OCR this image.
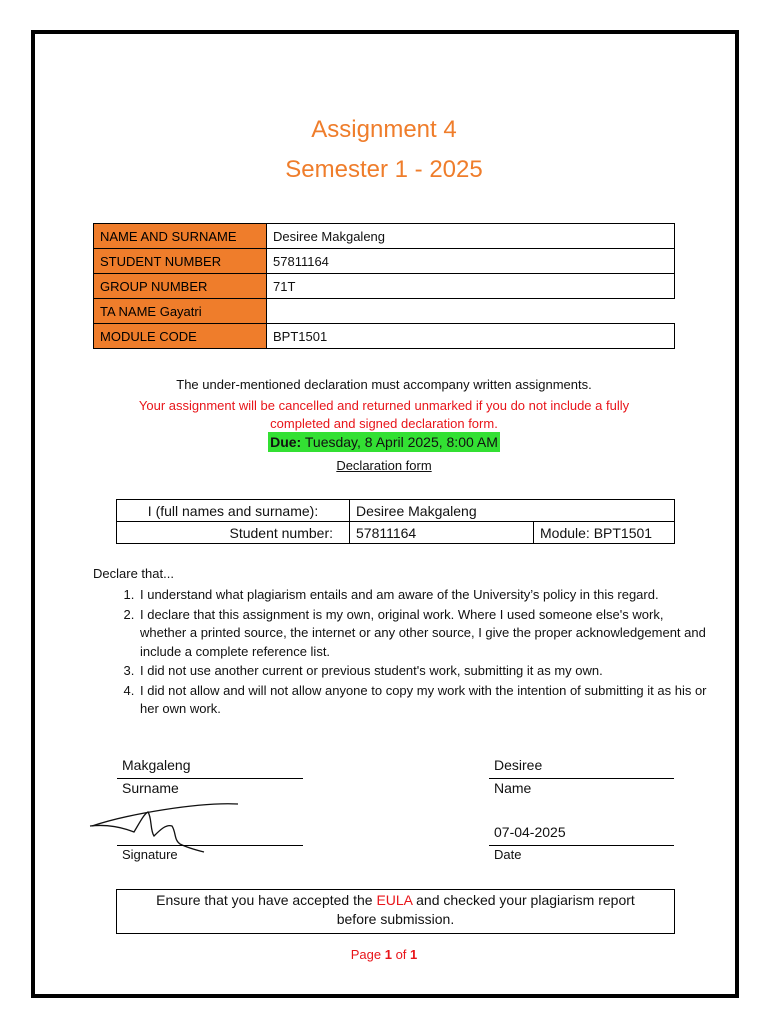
Assignment 4
Semester 1 - 2025
NAME AND SURNAME	Desiree Makgaleng
STUDENT NUMBER	57811164
GROUP NUMBER	71T
TA NAME Gayatri	
MODULE CODE	BPT1501
The under-mentioned declaration must accompany written assignments.
Your assignment will be cancelled and returned unmarked if you do not include a fully
completed and signed declaration form.
Due: Tuesday, 8 April 2025, 8:00 AM
Declaration form
I (full names and surname):	Desiree Makgaleng	
Student number:	57811164	Module: BPT1501
Declare that...
1. I understand what plagiarism entails and am aware of the University’s policy in this regard.
2. I declare that this assignment is my own, original work. Where I used someone else's work, whether a printed source, the internet or any other source, I give the proper acknowledgement and include a complete reference list.
3. I did not use another current or previous student's work, submitting it as my own.
4. I did not allow and will not allow anyone to copy my work with the intention of submitting it as his or her own work.
Makgaleng
Surname
Desiree
Name
Signature
07-04-2025
Date
Ensure that you have accepted the EULA and checked your plagiarism report
before submission.
Page 1 of 1
